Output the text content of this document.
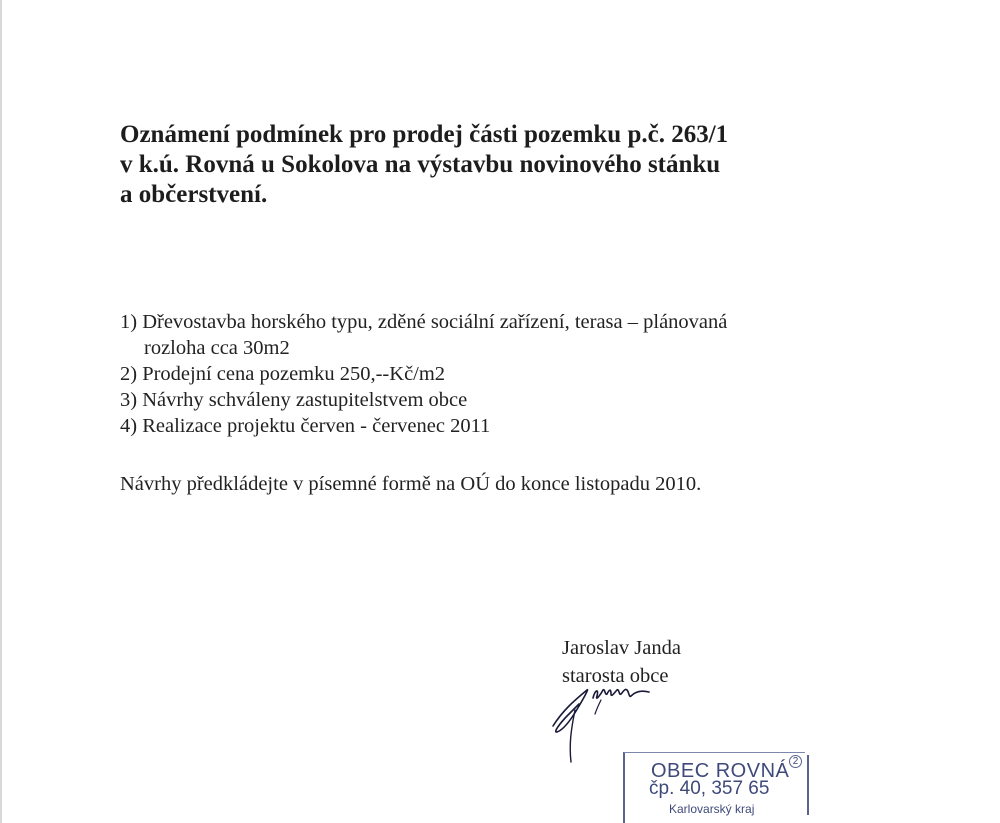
Oznámení podmínek pro prodej části pozemku p.č. 263/1
v k.ú. Rovná u Sokolova na výstavbu novinového stánku
a občerstvení.
1) Dřevostavba horského typu, zděné sociální zařízení, terasa – plánovaná
rozloha cca 30m2
2) Prodejní cena pozemku 250,--Kč/m2
3) Návrhy schváleny zastupitelstvem obce
4) Realizace projektu červen - červenec 2011

Návrhy předkládejte v písemné formě na OÚ do konce listopadu 2010.

Jaroslav Janda
starosta obce
OBEC ROVNÁ 2
čp. 40, 357 65
Karlovarský kraj
